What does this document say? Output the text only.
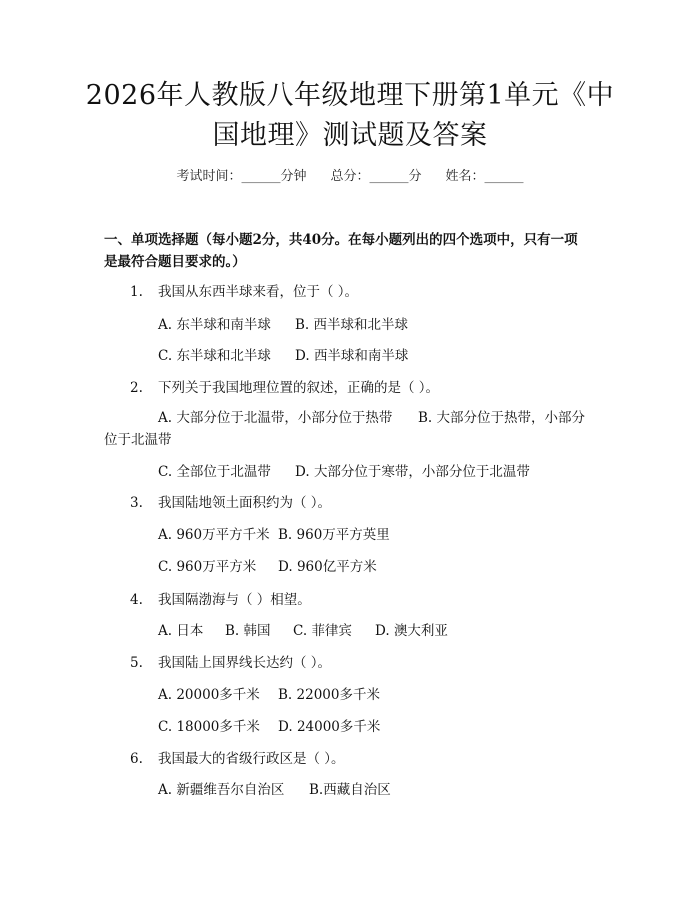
2026年人教版八年级地理下册第1单元《中
国地理》测试题及答案
考试时间：______分钟 总分：______分 姓名：______
一、单项选择题（每小题2分，共40分。在每小题列出的四个选项中，只有一项
是最符合题目要求的。）
1. 我国从东西半球来看，位于（ ）。
A. 东半球和南半球 B. 西半球和北半球
C. 东半球和北半球 D. 西半球和南半球
2. 下列关于我国地理位置的叙述，正确的是（ ）。
A. 大部分位于北温带，小部分位于热带 B. 大部分位于热带，小部分
位于北温带
C. 全部位于北温带 D. 大部分位于寒带，小部分位于北温带
3. 我国陆地领土面积约为（ ）。
A. 960万平方千米 B. 960万平方英里
C. 960万平方米 D. 960亿平方米
4. 我国隔渤海与（ ）相望。
A. 日本 B. 韩国 C. 菲律宾 D. 澳大利亚
5. 我国陆上国界线长达约（ ）。
A. 20000多千米 B. 22000多千米
C. 18000多千米 D. 24000多千米
6. 我国最大的省级行政区是（ ）。
A. 新疆维吾尔自治区 B.西藏自治区
